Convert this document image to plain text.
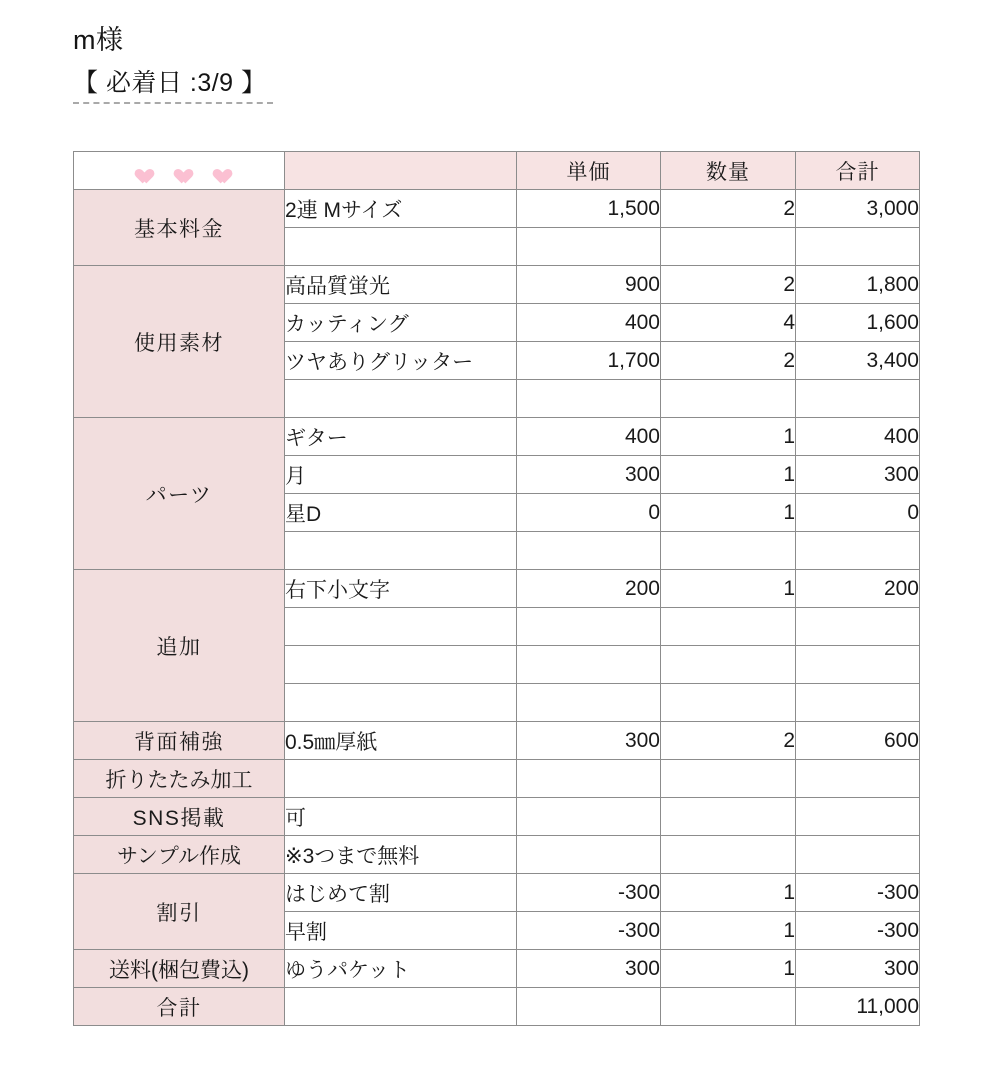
m様
【 必着日 :3/9 】
		単価	数量	合計
基本料金	2連 Mサイズ	1,500	2	3,000

使用素材	高品質蛍光	900	2	1,800
	カッティング	400	4	1,600
	ツヤありグリッター	1,700	2	3,400

パーツ	ギター	400	1	400
	月	300	1	300
	星D	0	1	0

追加	右下小文字	200	1	200

背面補強	0.5㎜厚紙	300	2	600
折りたたみ加工				
SNS掲載	可			
サンプル作成	※3つまで無料			
割引	はじめて割	-300	1	-300
	早割	-300	1	-300
送料(梱包費込)	ゆうパケット	300	1	300
合計				11,000
